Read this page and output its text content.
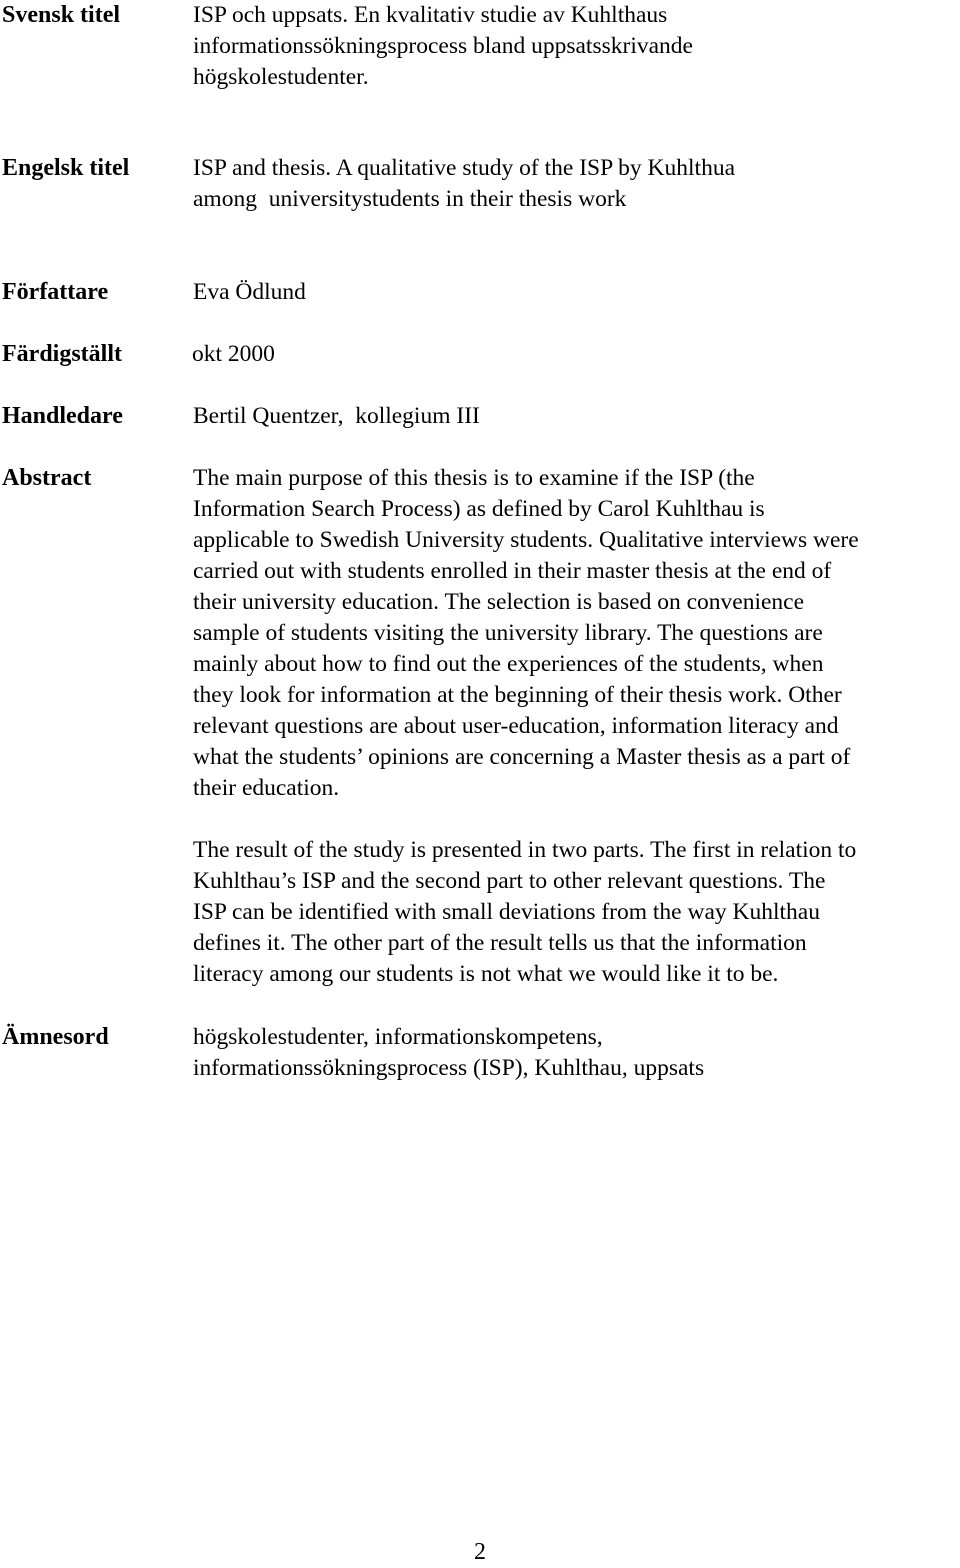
Svensk titel	ISP och uppsats. En kvalitativ studie av Kuhlthaus
informationssökningsprocess bland uppsatsskrivande
högskolestudenter.
Engelsk titel	ISP and thesis. A qualitative study of the ISP by Kuhlthua
among  universitystudents in their thesis work
Författare	Eva Ödlund
Färdigställt	okt 2000
Handledare	Bertil Quentzer,  kollegium III
Abstract	The main purpose of this thesis is to examine if the ISP (the
Information Search Process) as defined by Carol Kuhlthau is
applicable to Swedish University students. Qualitative interviews were
carried out with students enrolled in their master thesis at the end of
their university education. The selection is based on convenience
sample of students visiting the university library. The questions are
mainly about how to find out the experiences of the students, when
they look for information at the beginning of their thesis work. Other
relevant questions are about user-education, information literacy and
what the students’ opinions are concerning a Master thesis as a part of
their education.
The result of the study is presented in two parts. The first in relation to
Kuhlthau’s ISP and the second part to other relevant questions. The
ISP can be identified with small deviations from the way Kuhlthau
defines it. The other part of the result tells us that the information
literacy among our students is not what we would like it to be.
Ämnesord	högskolestudenter, informationskompetens,
informationssökningsprocess (ISP), Kuhlthau, uppsats
2
